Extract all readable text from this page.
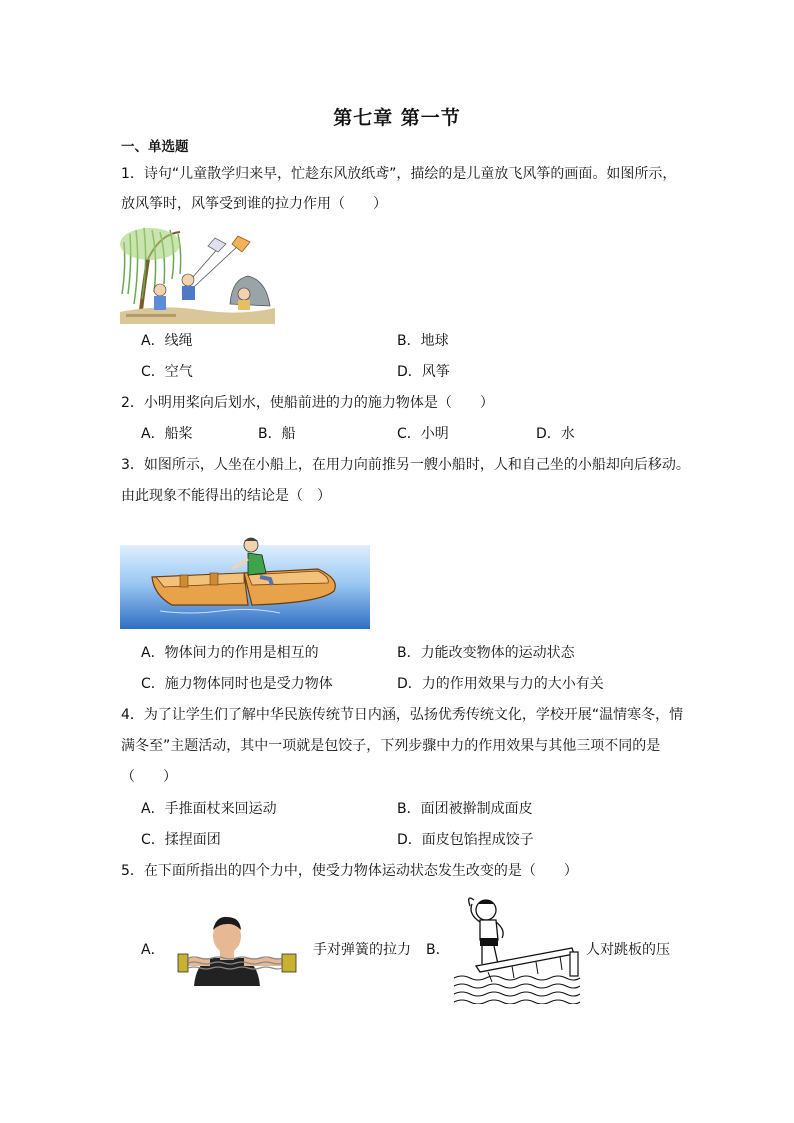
第七章 第一节
一、单选题
1．诗句“儿童散学归来早，忙趁东风放纸鸢”，描绘的是儿童放飞风筝的画面。如图所示，
放风筝时，风筝受到谁的拉力作用（　　）
A．线绳	B．地球
C．空气	D．风筝
2．小明用桨向后划水，使船前进的力的施力物体是（　　）
A．船桨	B．船	C．小明	D．水
3．如图所示，人坐在小船上，在用力向前推另一艘小船时，人和自己坐的小船却向后移动。
由此现象不能得出的结论是（　）
A．物体间力的作用是相互的	B．力能改变物体的运动状态
C．施力物体同时也是受力物体	D．力的作用效果与力的大小有关
4．为了让学生们了解中华民族传统节日内涵，弘扬优秀传统文化，学校开展“温情寒冬，情
满冬至”主题活动，其中一项就是包饺子，下列步骤中力的作用效果与其他三项不同的是
（　　）
A．手推面杖来回运动	B．面团被擀制成面皮
C．揉捏面团	D．面皮包馅捏成饺子
5．在下面所指出的四个力中，使受力物体运动状态发生改变的是（　　）
A．	手对弹簧的拉力 B．	人对跳板的压
